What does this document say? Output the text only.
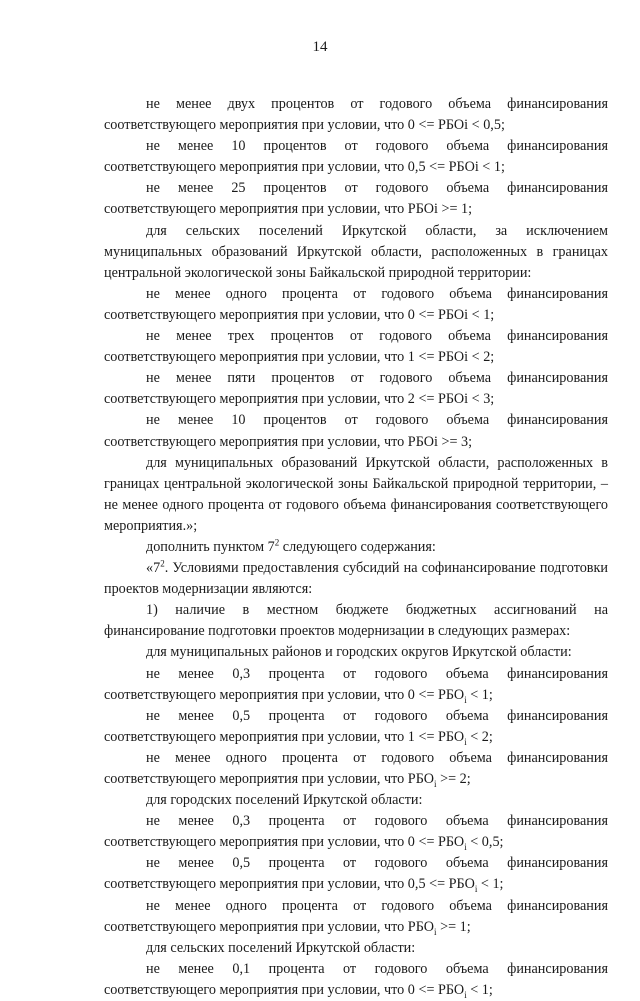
14

не менее двух процентов от годового объема финансирования соответствующего мероприятия при условии, что 0 <= РБОi < 0,5;

не менее 10 процентов от годового объема финансирования соответствующего мероприятия при условии, что 0,5 <= РБОi < 1;

не менее 25 процентов от годового объема финансирования соответствующего мероприятия при условии, что РБОi >= 1;

для сельских поселений Иркутской области, за исключением муниципальных образований Иркутской области, расположенных в границах центральной экологической зоны Байкальской природной территории:

не менее одного процента от годового объема финансирования соответствующего мероприятия при условии, что 0 <= РБОi < 1;

не менее трех процентов от годового объема финансирования соответствующего мероприятия при условии, что 1 <= РБОi < 2;

не менее пяти процентов от годового объема финансирования соответствующего мероприятия при условии, что 2 <= РБОi < 3;

не менее 10 процентов от годового объема финансирования соответствующего мероприятия при условии, что РБОi >= 3;

для муниципальных образований Иркутской области, расположенных в границах центральной экологической зоны Байкальской природной территории, – не менее одного процента от годового объема финансирования соответствующего мероприятия.»;

дополнить пунктом $7^2$ следующего содержания:

«$7^2$. Условиями предоставления субсидий на софинансирование подготовки проектов модернизации являются:

1) наличие в местном бюджете бюджетных ассигнований на финансирование подготовки проектов модернизации в следующих размерах:

для муниципальных районов и городских округов Иркутской области:

не менее 0,3 процента от годового объема финансирования соответствующего мероприятия при условии, что $0 <= РБО_i < 1$;

не менее 0,5 процента от годового объема финансирования соответствующего мероприятия при условии, что $1 <= РБО_i < 2$;

не менее одного процента от годового объема финансирования соответствующего мероприятия при условии, что $РБО_i >= 2$;

для городских поселений Иркутской области:

не менее 0,3 процента от годового объема финансирования соответствующего мероприятия при условии, что $0 <= РБО_i < 0,5$;

не менее 0,5 процента от годового объема финансирования соответствующего мероприятия при условии, что $0,5 <= РБО_i < 1$;

не менее одного процента от годового объема финансирования соответствующего мероприятия при условии, что $РБО_i >= 1$;

для сельских поселений Иркутской области:

не менее 0,1 процента от годового объема финансирования соответствующего мероприятия при условии, что $0 <= РБО_i < 1$;
